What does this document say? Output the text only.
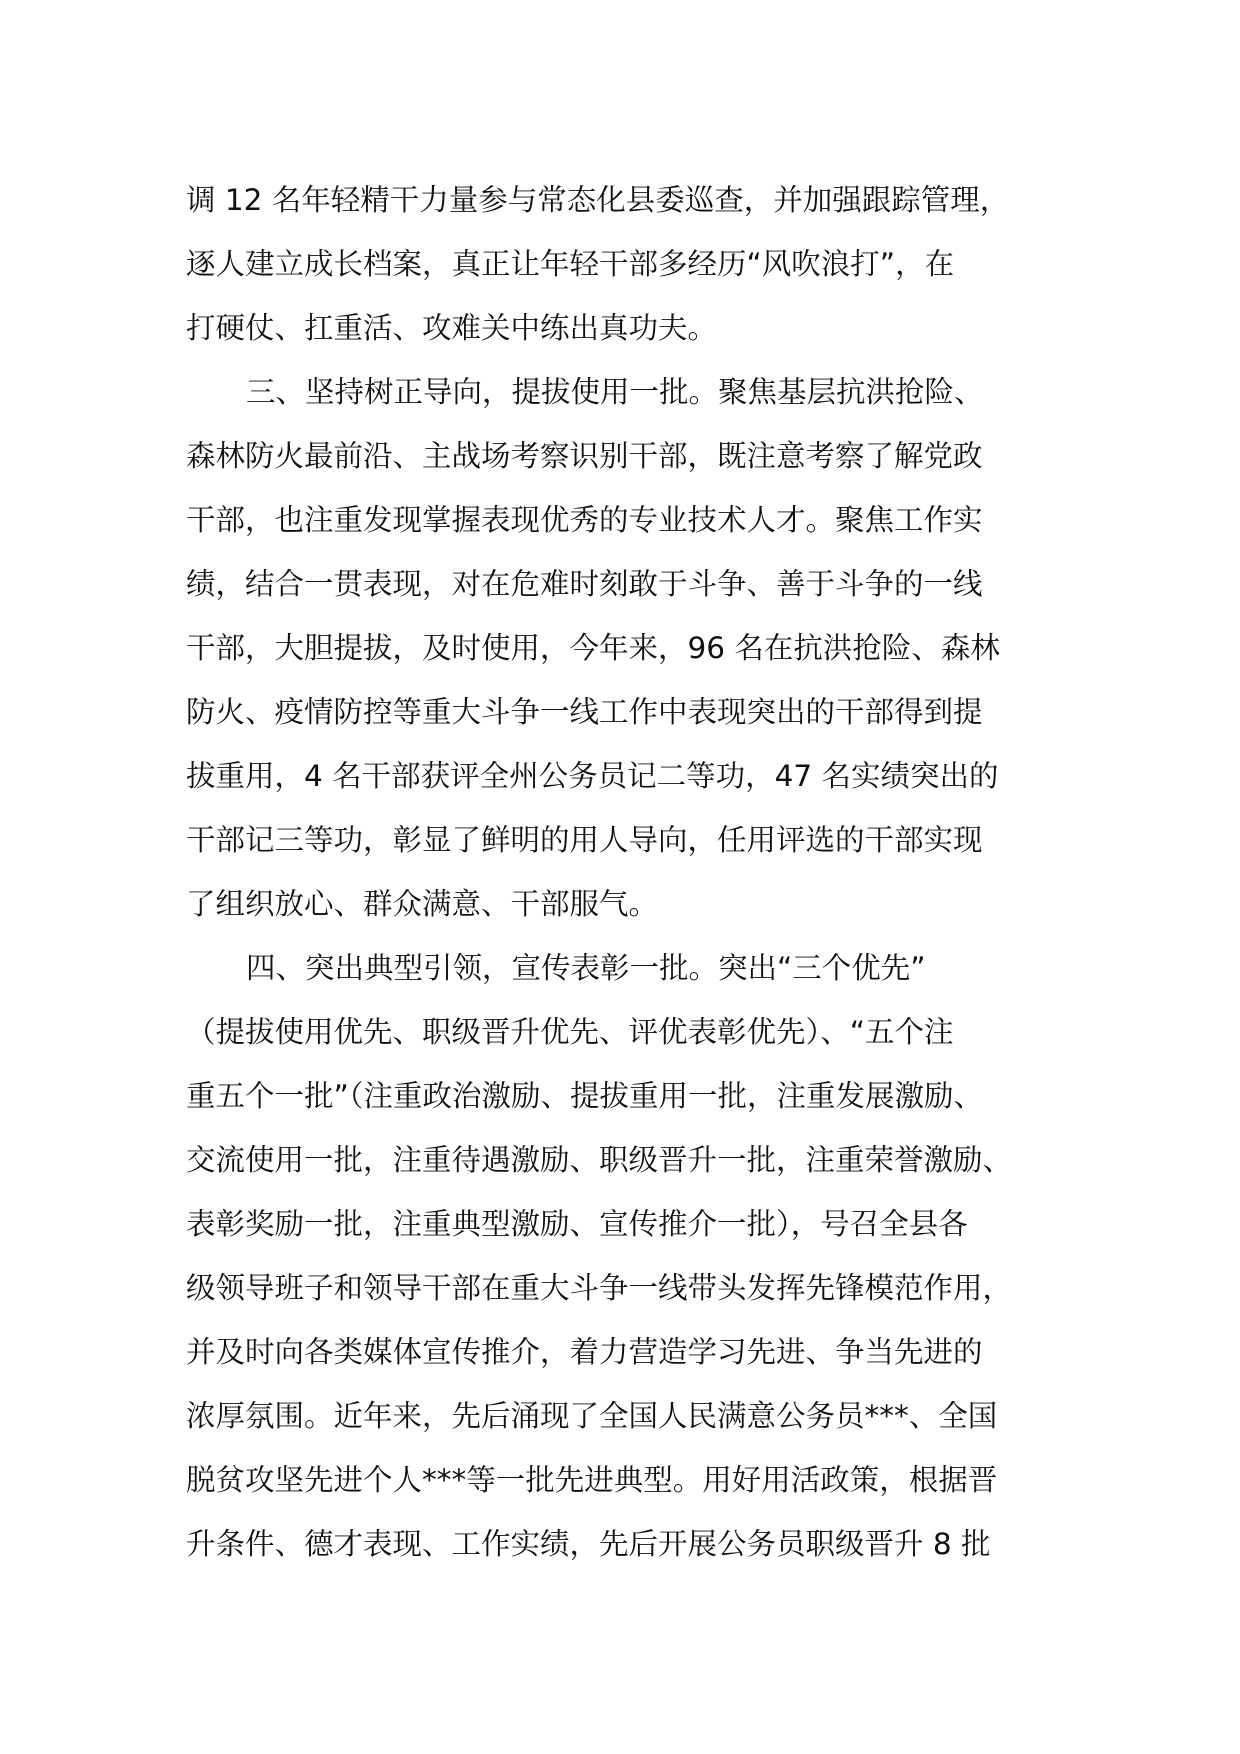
调 12 名年轻精干力量参与常态化县委巡查，并加强跟踪管理，
逐人建立成长档案，真正让年轻干部多经历“风吹浪打”，在
打硬仗、扛重活、攻难关中练出真功夫。
三、坚持树正导向，提拔使用一批。聚焦基层抗洪抢险、
森林防火最前沿、主战场考察识别干部，既注意考察了解党政
干部，也注重发现掌握表现优秀的专业技术人才。聚焦工作实
绩，结合一贯表现，对在危难时刻敢于斗争、善于斗争的一线
干部，大胆提拔，及时使用，今年来，96 名在抗洪抢险、森林
防火、疫情防控等重大斗争一线工作中表现突出的干部得到提
拔重用，4 名干部获评全州公务员记二等功，47 名实绩突出的
干部记三等功，彰显了鲜明的用人导向，任用评选的干部实现
了组织放心、群众满意、干部服气。
四、突出典型引领，宣传表彰一批。突出“三个优先”
（提拔使用优先、职级晋升优先、评优表彰优先）、“五个注
重五个一批”（注重政治激励、提拔重用一批，注重发展激励、
交流使用一批，注重待遇激励、职级晋升一批，注重荣誉激励、
表彰奖励一批，注重典型激励、宣传推介一批），号召全县各
级领导班子和领导干部在重大斗争一线带头发挥先锋模范作用，
并及时向各类媒体宣传推介，着力营造学习先进、争当先进的
浓厚氛围。近年来，先后涌现了全国人民满意公务员***、全国
脱贫攻坚先进个人***等一批先进典型。用好用活政策，根据晋
升条件、德才表现、工作实绩，先后开展公务员职级晋升 8 批
